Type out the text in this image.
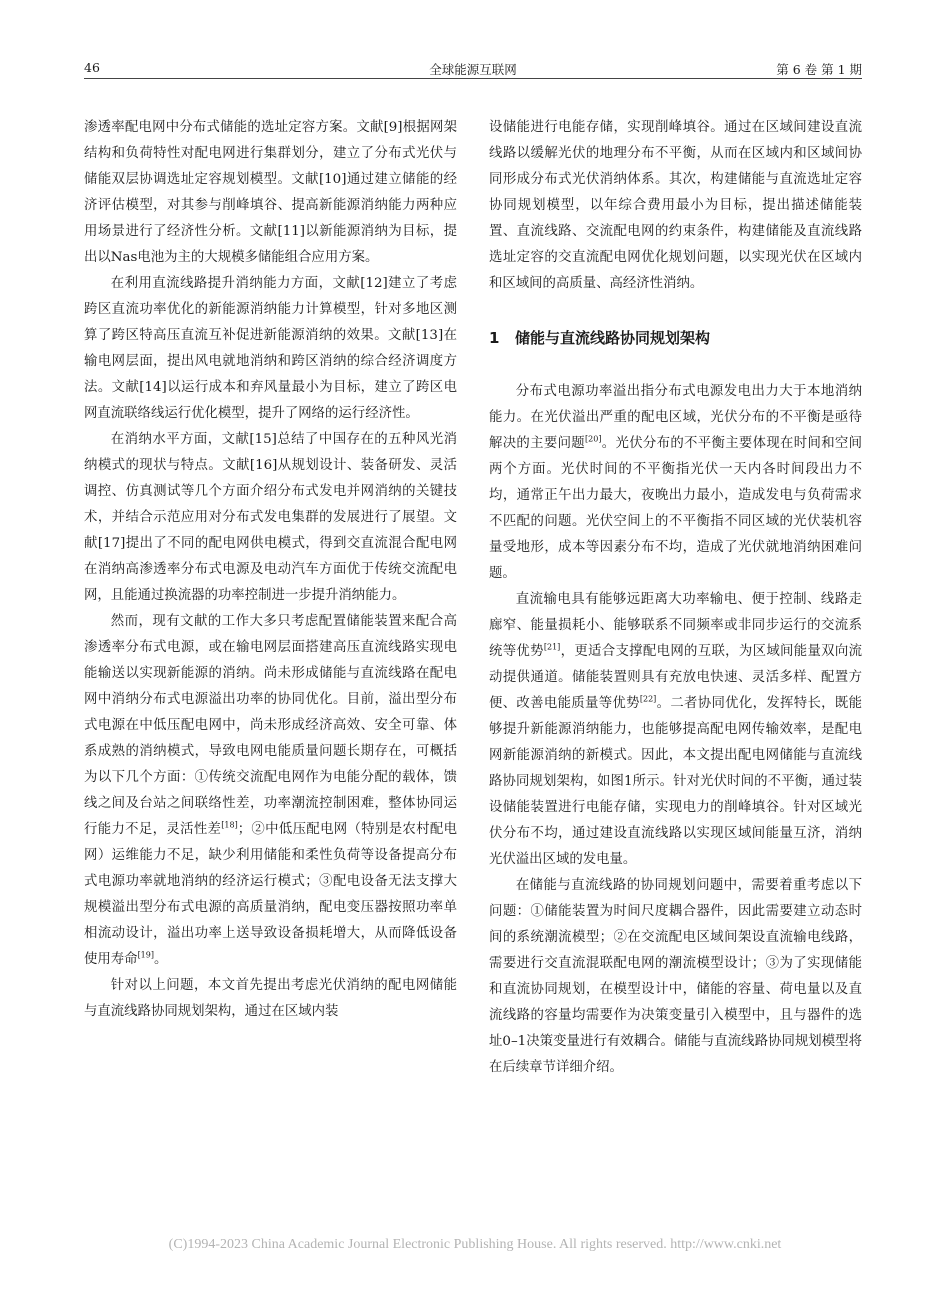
46	全球能源互联网	第 6 卷 第 1 期

渗透率配电网中分布式储能的选址定容方案。文献[9]根据网架结构和负荷特性对配电网进行集群划分，建立了分布式光伏与储能双层协调选址定容规划模型。文献[10]通过建立储能的经济评估模型，对其参与削峰填谷、提高新能源消纳能力两种应用场景进行了经济性分析。文献[11]以新能源消纳为目标，提出以Nas电池为主的大规模多储能组合应用方案。

在利用直流线路提升消纳能力方面，文献[12]建立了考虑跨区直流功率优化的新能源消纳能力计算模型，针对多地区测算了跨区特高压直流互补促进新能源消纳的效果。文献[13]在输电网层面，提出风电就地消纳和跨区消纳的综合经济调度方法。文献[14]以运行成本和弃风量最小为目标，建立了跨区电网直流联络线运行优化模型，提升了网络的运行经济性。

在消纳水平方面，文献[15]总结了中国存在的五种风光消纳模式的现状与特点。文献[16]从规划设计、装备研发、灵活调控、仿真测试等几个方面介绍分布式发电并网消纳的关键技术，并结合示范应用对分布式发电集群的发展进行了展望。文献[17]提出了不同的配电网供电模式，得到交直流混合配电网在消纳高渗透率分布式电源及电动汽车方面优于传统交流配电网，且能通过换流器的功率控制进一步提升消纳能力。

然而，现有文献的工作大多只考虑配置储能装置来配合高渗透率分布式电源，或在输电网层面搭建高压直流线路实现电能输送以实现新能源的消纳。尚未形成储能与直流线路在配电网中消纳分布式电源溢出功率的协同优化。目前，溢出型分布式电源在中低压配电网中，尚未形成经济高效、安全可靠、体系成熟的消纳模式，导致电网电能质量问题长期存在，可概括为以下几个方面：①传统交流配电网作为电能分配的载体，馈线之间及台站之间联络性差，功率潮流控制困难，整体协同运行能力不足，灵活性差[18]；②中低压配电网（特别是农村配电网）运维能力不足，缺少利用储能和柔性负荷等设备提高分布式电源功率就地消纳的经济运行模式；③配电设备无法支撑大规模溢出型分布式电源的高质量消纳，配电变压器按照功率单相流动设计，溢出功率上送导致设备损耗增大，从而降低设备使用寿命[19]。

针对以上问题，本文首先提出考虑光伏消纳的配电网储能与直流线路协同规划架构，通过在区域内装

设储能进行电能存储，实现削峰填谷。通过在区域间建设直流线路以缓解光伏的地理分布不平衡，从而在区域内和区域间协同形成分布式光伏消纳体系。其次，构建储能与直流选址定容协同规划模型，以年综合费用最小为目标，提出描述储能装置、直流线路、交流配电网的约束条件，构建储能及直流线路选址定容的交直流配电网优化规划问题，以实现光伏在区域内和区域间的高质量、高经济性消纳。

1 储能与直流线路协同规划架构

分布式电源功率溢出指分布式电源发电出力大于本地消纳能力。在光伏溢出严重的配电区域，光伏分布的不平衡是亟待解决的主要问题[20]。光伏分布的不平衡主要体现在时间和空间两个方面。光伏时间的不平衡指光伏一天内各时间段出力不均，通常正午出力最大，夜晚出力最小，造成发电与负荷需求不匹配的问题。光伏空间上的不平衡指不同区域的光伏装机容量受地形，成本等因素分布不均，造成了光伏就地消纳困难问题。

直流输电具有能够远距离大功率输电、便于控制、线路走廊窄、能量损耗小、能够联系不同频率或非同步运行的交流系统等优势[21]，更适合支撑配电网的互联，为区域间能量双向流动提供通道。储能装置则具有充放电快速、灵活多样、配置方便、改善电能质量等优势[22]。二者协同优化，发挥特长，既能够提升新能源消纳能力，也能够提高配电网传输效率，是配电网新能源消纳的新模式。因此，本文提出配电网储能与直流线路协同规划架构，如图1所示。针对光伏时间的不平衡，通过装设储能装置进行电能存储，实现电力的削峰填谷。针对区域光伏分布不均，通过建设直流线路以实现区域间能量互济，消纳光伏溢出区域的发电量。

在储能与直流线路的协同规划问题中，需要着重考虑以下问题：①储能装置为时间尺度耦合器件，因此需要建立动态时间的系统潮流模型；②在交流配电区域间架设直流输电线路，需要进行交直流混联配电网的潮流模型设计；③为了实现储能和直流协同规划，在模型设计中，储能的容量、荷电量以及直流线路的容量均需要作为决策变量引入模型中，且与器件的选址0–1决策变量进行有效耦合。储能与直流线路协同规划模型将在后续章节详细介绍。

(C)1994-2023 China Academic Journal Electronic Publishing House. All rights reserved. http://www.cnki.net
